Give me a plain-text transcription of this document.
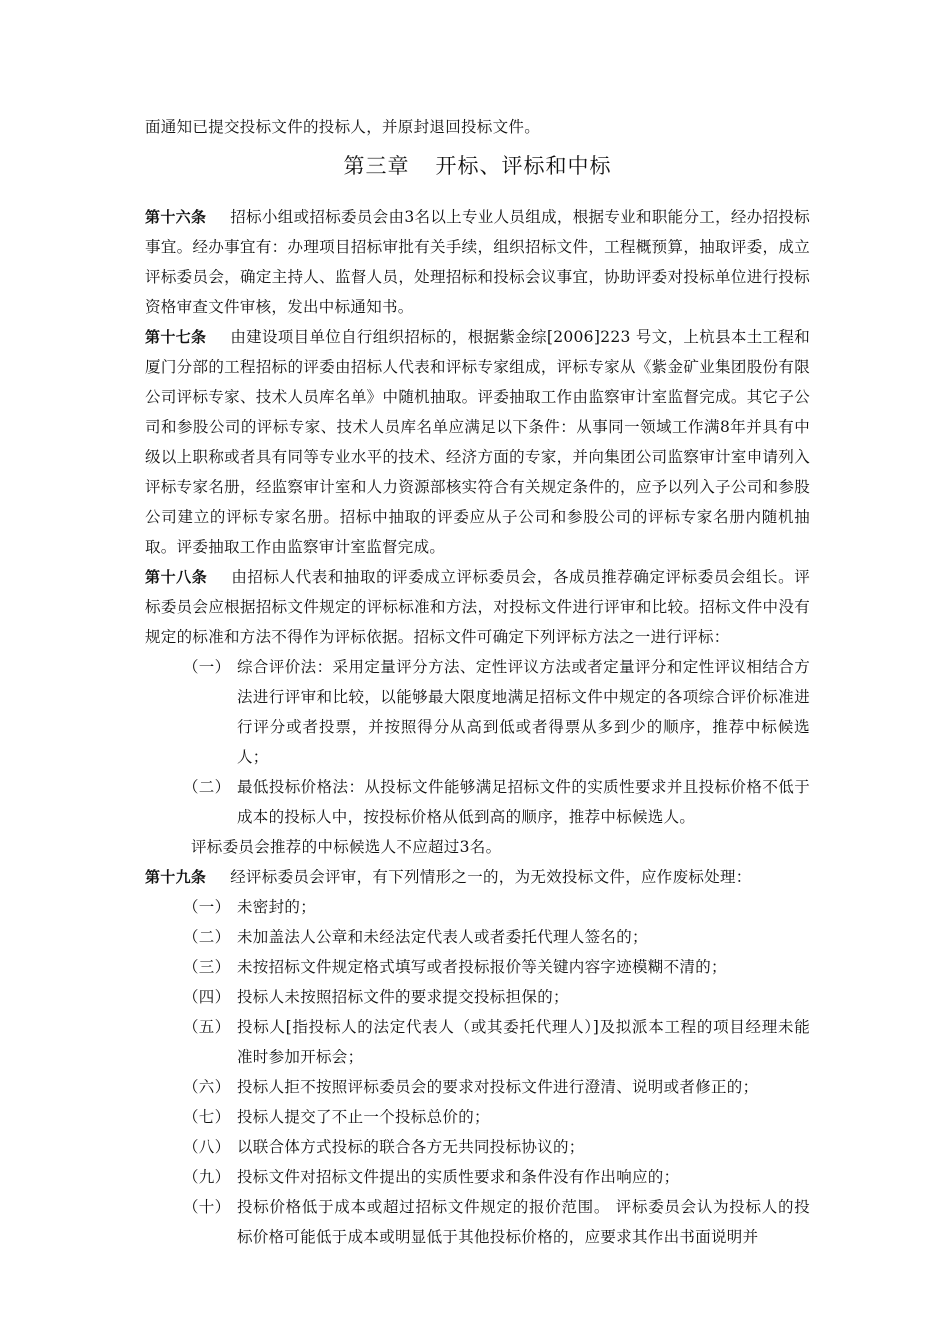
面通知已提交投标文件的投标人，并原封退回投标文件。
第三章 开标、评标和中标
第十六条 招标小组或招标委员会由3名以上专业人员组成，根据专业和职能分工，经办招投标事宜。经办事宜有：办理项目招标审批有关手续，组织招标文件，工程概预算，抽取评委，成立评标委员会，确定主持人、监督人员，处理招标和投标会议事宜，协助评委对投标单位进行投标资格审查文件审核，发出中标通知书。
第十七条 由建设项目单位自行组织招标的，根据紫金综[2006]223 号文，上杭县本土工程和厦门分部的工程招标的评委由招标人代表和评标专家组成，评标专家从《紫金矿业集团股份有限公司评标专家、技术人员库名单》中随机抽取。评委抽取工作由监察审计室监督完成。其它子公司和参股公司的评标专家、技术人员库名单应满足以下条件：从事同一领域工作满8年并具有中级以上职称或者具有同等专业水平的技术、经济方面的专家，并向集团公司监察审计室申请列入评标专家名册，经监察审计室和人力资源部核实符合有关规定条件的，应予以列入子公司和参股公司建立的评标专家名册。招标中抽取的评委应从子公司和参股公司的评标专家名册内随机抽取。评委抽取工作由监察审计室监督完成。
第十八条 由招标人代表和抽取的评委成立评标委员会，各成员推荐确定评标委员会组长。评标委员会应根据招标文件规定的评标标准和方法，对投标文件进行评审和比较。招标文件中没有规定的标准和方法不得作为评标依据。招标文件可确定下列评标方法之一进行评标：
（一） 综合评价法：采用定量评分方法、定性评议方法或者定量评分和定性评议相结合方法进行评审和比较，以能够最大限度地满足招标文件中规定的各项综合评价标准进行评分或者投票，并按照得分从高到低或者得票从多到少的顺序，推荐中标候选人；
（二） 最低投标价格法：从投标文件能够满足招标文件的实质性要求并且投标价格不低于成本的投标人中，按投标价格从低到高的顺序，推荐中标候选人。
评标委员会推荐的中标候选人不应超过3名。
第十九条 经评标委员会评审，有下列情形之一的，为无效投标文件，应作废标处理：
（一） 未密封的；
（二） 未加盖法人公章和未经法定代表人或者委托代理人签名的；
（三） 未按招标文件规定格式填写或者投标报价等关键内容字迹模糊不清的；
（四） 投标人未按照招标文件的要求提交投标担保的；
（五） 投标人[指投标人的法定代表人（或其委托代理人）]及拟派本工程的项目经理未能准时参加开标会；
（六） 投标人拒不按照评标委员会的要求对投标文件进行澄清、说明或者修正的；
（七） 投标人提交了不止一个投标总价的；
（八） 以联合体方式投标的联合各方无共同投标协议的；
（九） 投标文件对招标文件提出的实质性要求和条件没有作出响应的；
（十） 投标价格低于成本或超过招标文件规定的报价范围。 评标委员会认为投标人的投标价格可能低于成本或明显低于其他投标价格的，应要求其作出书面说明并
